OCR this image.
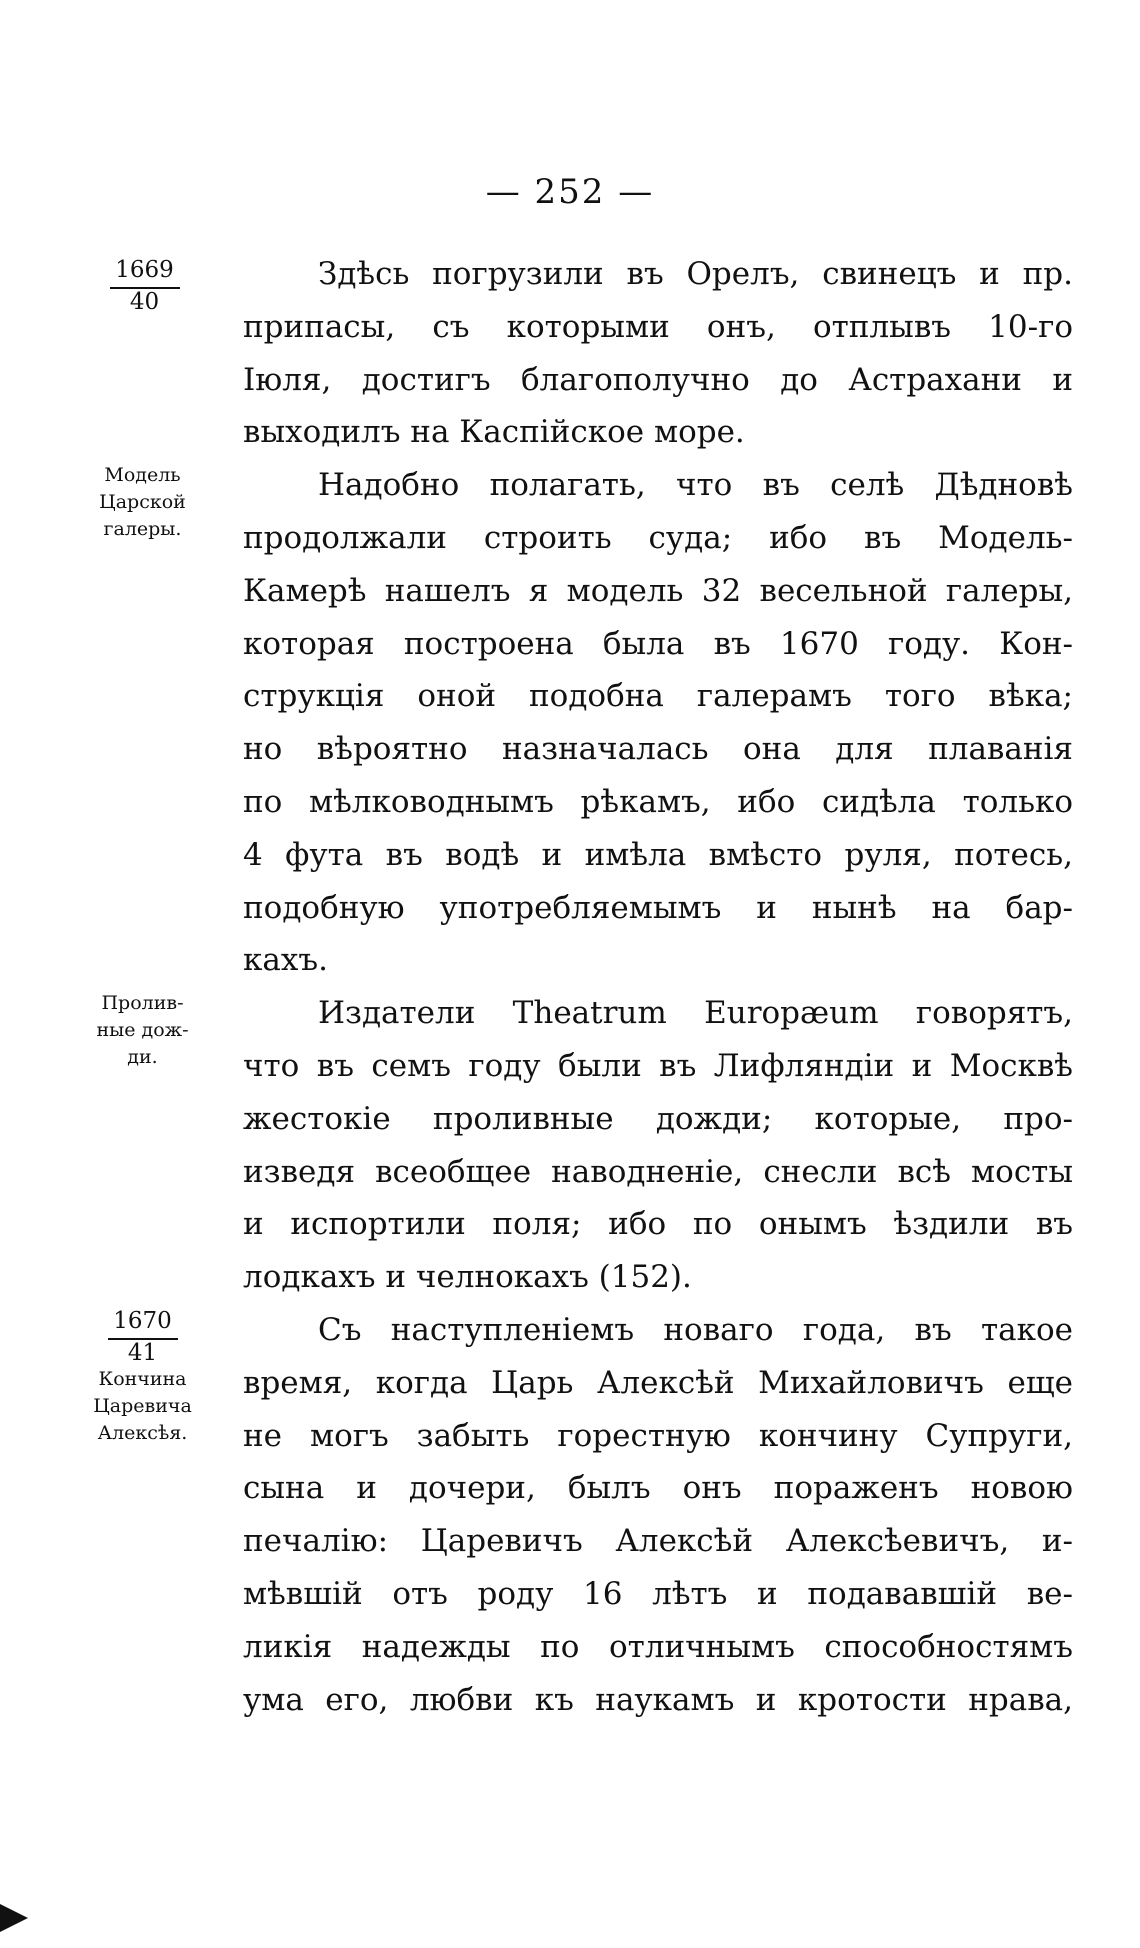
— 252 —
1669
40
Модель
Царской
галеры.
Пролив-
ные дож-
ди.
1670
41
Кончина
Царевича
Алексѣя.

Здѣсь погрузили въ Орелъ, свинецъ и пр.
припасы, съ которыми онъ, отплывъ 10-го
Іюля, достигъ благополучно до Астрахани и
выходилъ на Каспійское море.

Надобно полагать, что въ селѣ Дѣдновѣ
продолжали строить суда; ибо въ Модель-
Камерѣ нашелъ я модель 32 весельной галеры,
которая построена была въ 1670 году. Кон-
струкція оной подобна галерамъ того вѣка;
но вѣроятно назначалась она для плаванія
по мѣлководнымъ рѣкамъ, ибо сидѣла только
4 фута въ водѣ и имѣла вмѣсто руля, потесь,
подобную употребляемымъ и нынѣ на бар-
кахъ.

Издатели Theatrum Europæum говорятъ,
что въ семъ году были въ Лифляндіи и Москвѣ
жестокіе проливные дожди; которые, про-
изведя всеобщее наводненіе, снесли всѣ мосты
и испортили поля; ибо по онымъ ѣздили въ
лодкахъ и челнокахъ (152).

Съ наступленіемъ новаго года, въ такое
время, когда Царь Алексѣй Михайловичъ еще
не могъ забыть горестную кончину Супруги,
сына и дочери, былъ онъ пораженъ новою
печалію: Царевичъ Алексѣй Алексѣевичъ, и-
мѣвшій отъ роду 16 лѣтъ и подававшій ве-
ликія надежды по отличнымъ способностямъ
ума его, любви къ наукамъ и кротости нрава,
